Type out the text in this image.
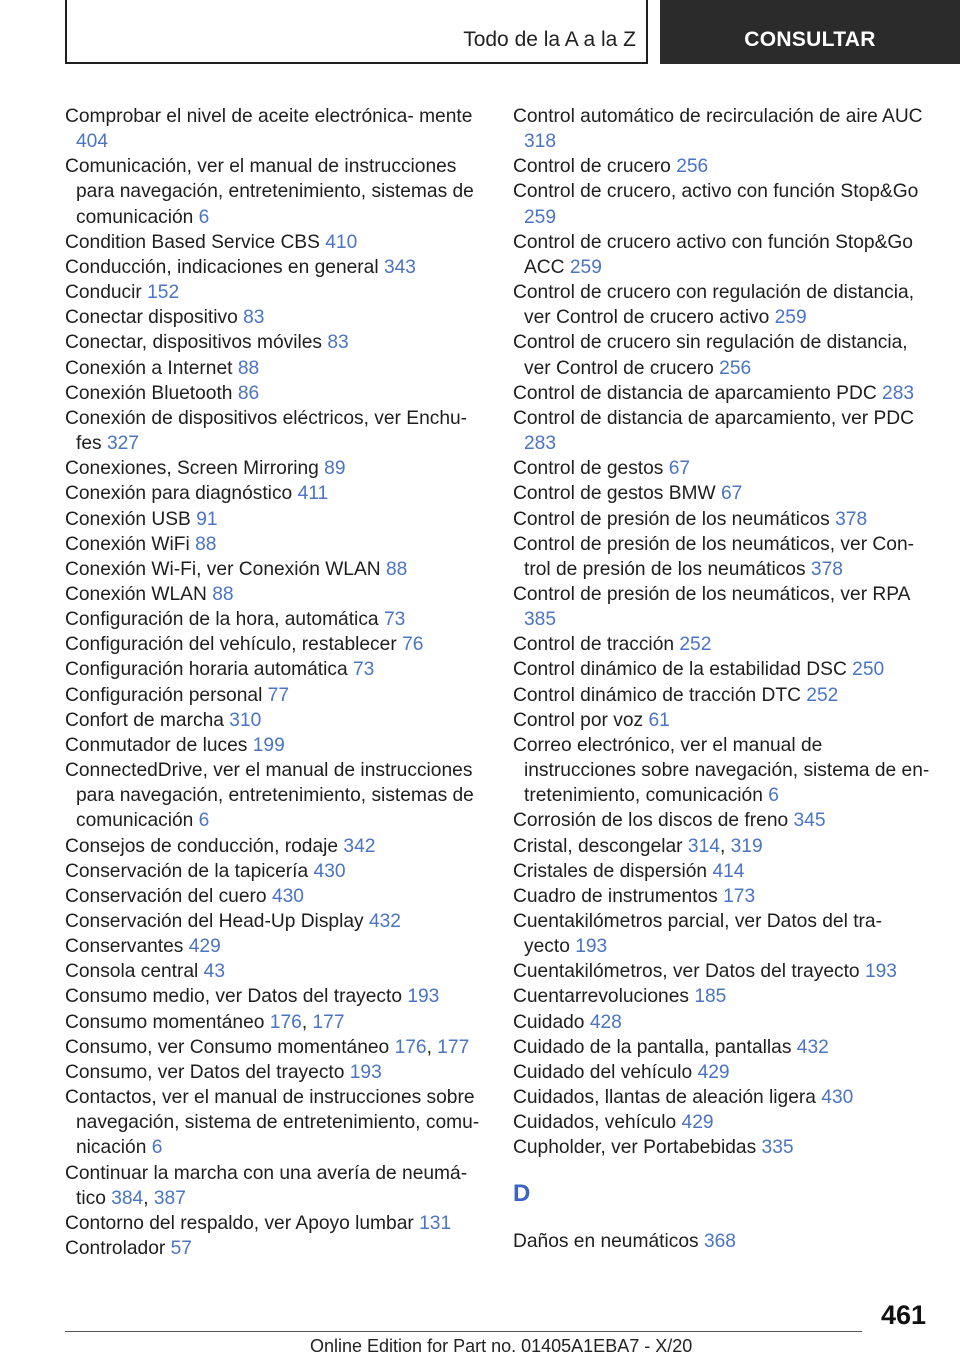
Todo de la A a la Z	CONSULTAR

Comprobar el nivel de aceite electrónica- mente 404

Comunicación, ver el manual de instrucciones para navegación, entretenimiento, sistemas de comunicación 6

Condition Based Service CBS 410

Conducción, indicaciones en general 343

Conducir 152

Conectar dispositivo 83

Conectar, dispositivos móviles 83

Conexión a Internet 88

Conexión Bluetooth 86

Conexión de dispositivos eléctricos, ver Enchu- fes 327

Conexiones, Screen Mirroring 89

Conexión para diagnóstico 411

Conexión USB 91

Conexión WiFi 88

Conexión Wi-Fi, ver Conexión WLAN 88

Conexión WLAN 88

Configuración de la hora, automática 73

Configuración del vehículo, restablecer 76

Configuración horaria automática 73

Configuración personal 77

Confort de marcha 310

Conmutador de luces 199

ConnectedDrive, ver el manual de instrucciones para navegación, entretenimiento, sistemas de comunicación 6

Consejos de conducción, rodaje 342

Conservación de la tapicería 430

Conservación del cuero 430

Conservación del Head-Up Display 432

Conservantes 429

Consola central 43

Consumo medio, ver Datos del trayecto 193

Consumo momentáneo 176, 177

Consumo, ver Consumo momentáneo 176, 177

Consumo, ver Datos del trayecto 193

Contactos, ver el manual de instrucciones sobre navegación, sistema de entretenimiento, comu- nicación 6

Continuar la marcha con una avería de neumá- tico 384, 387

Contorno del respaldo, ver Apoyo lumbar 131

Controlador 57

Control automático de recirculación de aire AUC 318

Control de crucero 256

Control de crucero, activo con función Stop&Go 259

Control de crucero activo con función Stop&Go ACC 259

Control de crucero con regulación de distancia, ver Control de crucero activo 259

Control de crucero sin regulación de distancia, ver Control de crucero 256

Control de distancia de aparcamiento PDC 283

Control de distancia de aparcamiento, ver PDC 283

Control de gestos 67

Control de gestos BMW 67

Control de presión de los neumáticos 378

Control de presión de los neumáticos, ver Con- trol de presión de los neumáticos 378

Control de presión de los neumáticos, ver RPA 385

Control de tracción 252

Control dinámico de la estabilidad DSC 250

Control dinámico de tracción DTC 252

Control por voz 61

Correo electrónico, ver el manual de instrucciones sobre navegación, sistema de en- tretenimiento, comunicación 6

Corrosión de los discos de freno 345

Cristal, descongelar 314, 319

Cristales de dispersión 414

Cuadro de instrumentos 173

Cuentakilómetros parcial, ver Datos del tra- yecto 193

Cuentakilómetros, ver Datos del trayecto 193

Cuentarrevoluciones 185

Cuidado 428

Cuidado de la pantalla, pantallas 432

Cuidado del vehículo 429

Cuidados, llantas de aleación ligera 430

Cuidados, vehículo 429

Cupholder, ver Portabebidas 335

D

Daños en neumáticos 368

461
Online Edition for Part no. 01405A1EBA7 - X/20
